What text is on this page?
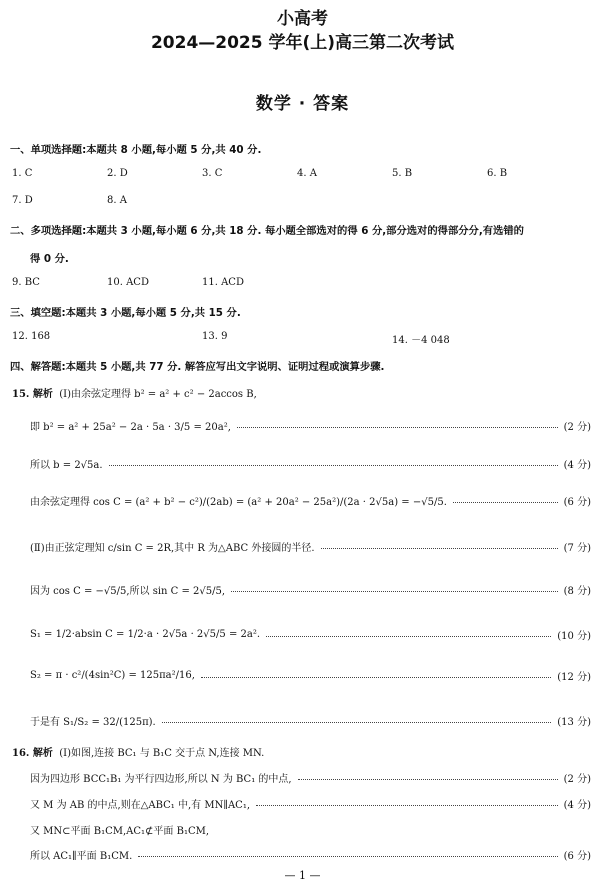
小高考
2024—2025 学年(上)高三第二次考试
数学 · 答案
一、单项选择题:本题共 8 小题,每小题 5 分,共 40 分.
1. C	2. D	3. C	4. A	5. B	6. B
7. D	8. A
二、多项选择题:本题共 3 小题,每小题 6 分,共 18 分. 每小题全部选对的得 6 分,部分选对的得部分分,有选错的
得 0 分.
9. BC	10. ACD	11. ACD
三、填空题:本题共 3 小题,每小题 5 分,共 15 分.
12. 168	13. 9	14. －4 048
四、解答题:本题共 5 小题,共 77 分. 解答应写出文字说明、证明过程或演算步骤.
15. 解析 (Ⅰ)由余弦定理得 b² = a² + c² − 2accos B,
即 b² = a² + 25a² − 2a · 5a · 3/5 = 20a²,	(2 分)
所以 b = 2√5a.	(4 分)
由余弦定理得 cos C = (a² + b² − c²)/(2ab) = (a² + 20a² − 25a²)/(2a · 2√5a) = −√5/5.	(6 分)
(Ⅱ)由正弦定理知 c/sin C = 2R,其中 R 为△ABC 外接圆的半径.	(7 分)
因为 cos C = −√5/5,所以 sin C = 2√5/5,	(8 分)
S₁ = 1/2·absin C = 1/2·a · 2√5a · 2√5/5 = 2a².	(10 分)
S₂ = π · c²/(4sin²C) = 125πa²/16,	(12 分)
于是有 S₁/S₂ = 32/(125π).	(13 分)
16. 解析 (Ⅰ)如图,连接 BC₁ 与 B₁C 交于点 N,连接 MN.
因为四边形 BCC₁B₁ 为平行四边形,所以 N 为 BC₁ 的中点,	(2 分)
又 M 为 AB 的中点,则在△ABC₁ 中,有 MN∥AC₁,	(4 分)
又 MN⊂平面 B₁CM,AC₁⊄平面 B₁CM,
所以 AC₁∥平面 B₁CM.	(6 分)
— 1 —
